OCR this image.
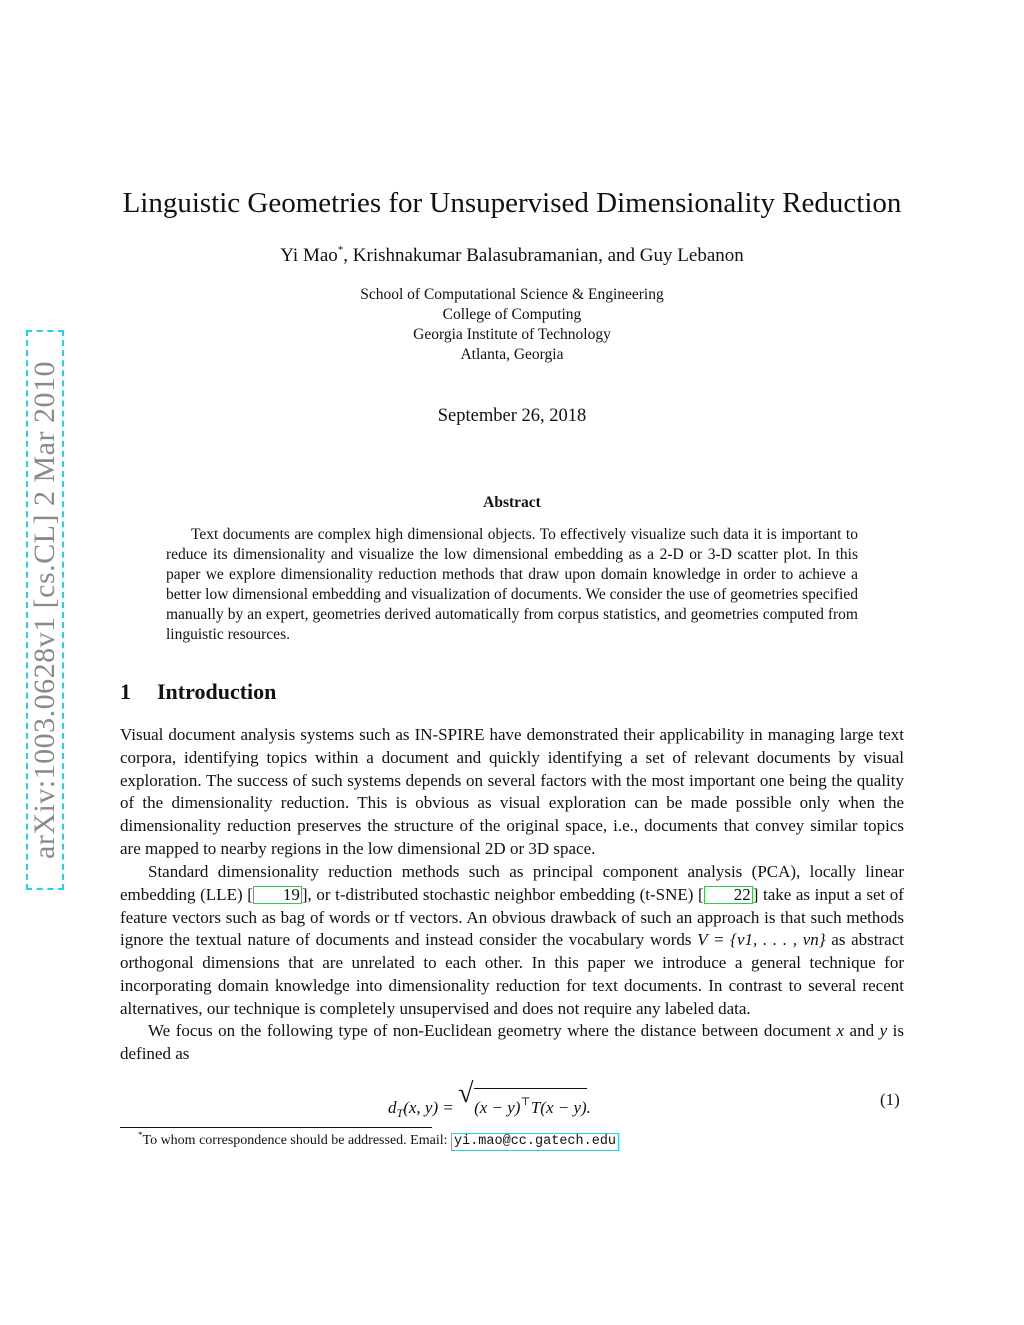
arXiv:1003.0628v1 [cs.CL] 2 Mar 2010
Linguistic Geometries for Unsupervised Dimensionality Reduction
Yi Mao*, Krishnakumar Balasubramanian, and Guy Lebanon
School of Computational Science & Engineering
College of Computing
Georgia Institute of Technology
Atlanta, Georgia
September 26, 2018
Abstract

Text documents are complex high dimensional objects. To effectively visualize such data it is important to reduce its dimensionality and visualize the low dimensional embedding as a 2-D or 3-D scatter plot. In this paper we explore dimensionality reduction methods that draw upon domain knowledge in order to achieve a better low dimensional embedding and visualization of documents. We consider the use of geometries specified manually by an expert, geometries derived automatically from corpus statistics, and geometries computed from linguistic resources.

1 Introduction

Visual document analysis systems such as IN-SPIRE have demonstrated their applicability in managing large text corpora, identifying topics within a document and quickly identifying a set of relevant documents by visual exploration. The success of such systems depends on several factors with the most important one being the quality of the dimensionality reduction. This is obvious as visual exploration can be made possible only when the dimensionality reduction preserves the structure of the original space, i.e., documents that convey similar topics are mapped to nearby regions in the low dimensional 2D or 3D space.

Standard dimensionality reduction methods such as principal component analysis (PCA), locally linear embedding (LLE) [ 19 ], or t-distributed stochastic neighbor embedding (t-SNE) [ 22 ] take as input a set of feature vectors such as bag of words or tf vectors. An obvious drawback of such an approach is that such methods ignore the textual nature of documents and instead consider the vocabulary words V = {v1, . . . , vn} as abstract orthogonal dimensions that are unrelated to each other. In this paper we introduce a general technique for incorporating domain knowledge into dimensionality reduction for text documents. In contrast to several recent alternatives, our technique is completely unsupervised and does not require any labeled data.

We focus on the following type of non-Euclidean geometry where the distance between document x and y is defined as

$d_T(x$, y) = √ (x − y)⊤T(x − y).	(1)
*To whom correspondence should be addressed. Email: yi.mao@cc.gatech.edu
